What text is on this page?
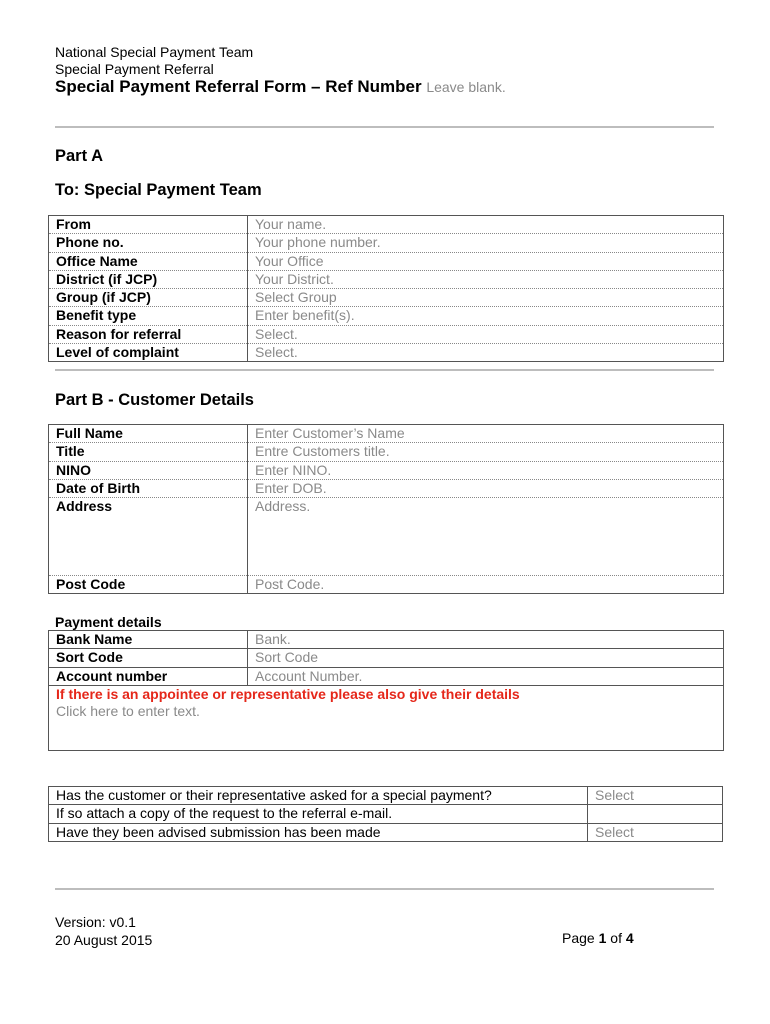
National Special Payment Team
Special Payment Referral
Special Payment Referral Form – Ref Number Leave blank.
Part A
To: Special Payment Team
From	Your name.
Phone no.	Your phone number.
Office Name	Your Office
District (if JCP)	Your District.
Group (if JCP)	Select Group
Benefit type	Enter benefit(s).
Reason for referral	Select.
Level of complaint	Select.
Part B - Customer Details
Full Name	Enter Customer’s Name
Title	Entre Customers title.
NINO	Enter NINO.
Date of Birth	Enter DOB.
Address	Address.
Post Code	Post Code.
Payment details
Bank Name	Bank.
Sort Code	Sort Code
Account number	Account Number.

If there is an appointee or representative please also give their details
Click here to enter text.	
Has the customer or their representative asked for a special payment?	Select
If so attach a copy of the request to the referral e-mail.	
Have they been advised submission has been made	Select
Version: v0.1
20 August 2015	Page 1 of 4
